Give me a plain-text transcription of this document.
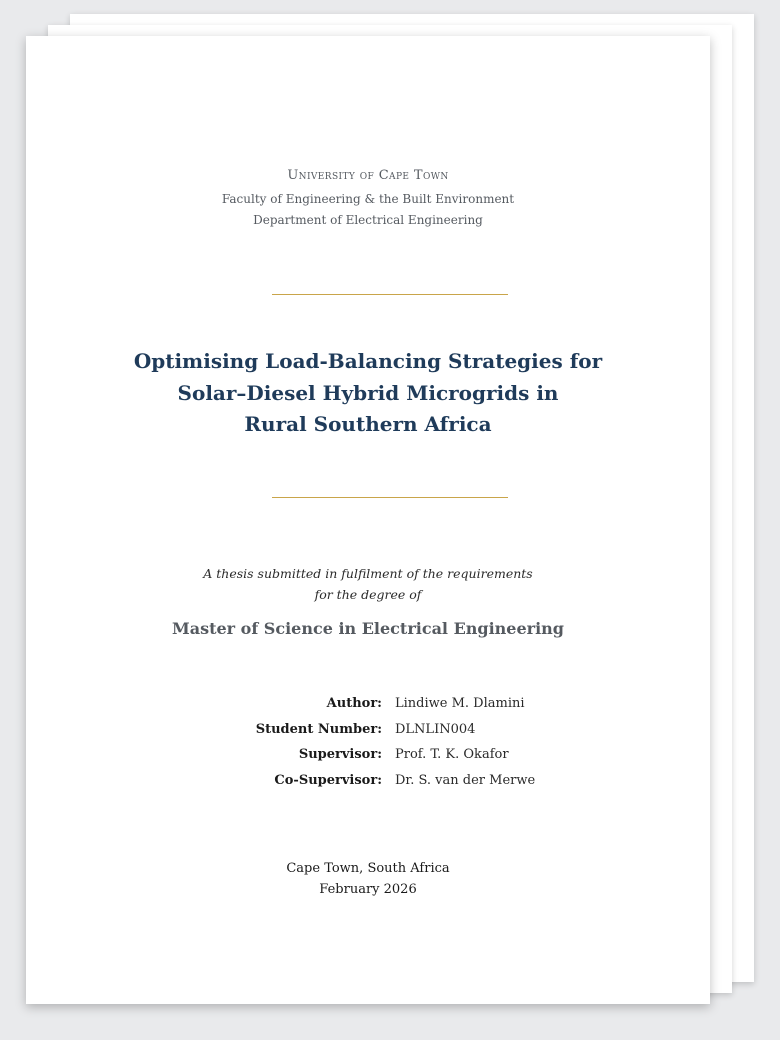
University of Cape Town
Faculty of Engineering & the Built Environment
Department of Electrical Engineering
Optimising Load-Balancing Strategies for
Solar–Diesel Hybrid Microgrids in
Rural Southern Africa
A thesis submitted in fulfilment of the requirements
for the degree of
Master of Science in Electrical Engineering
Author: Lindiwe M. Dlamini
Student Number: DLNLIN004
Supervisor: Prof. T. K. Okafor
Co-Supervisor: Dr. S. van der Merwe
Cape Town, South Africa
February 2026
